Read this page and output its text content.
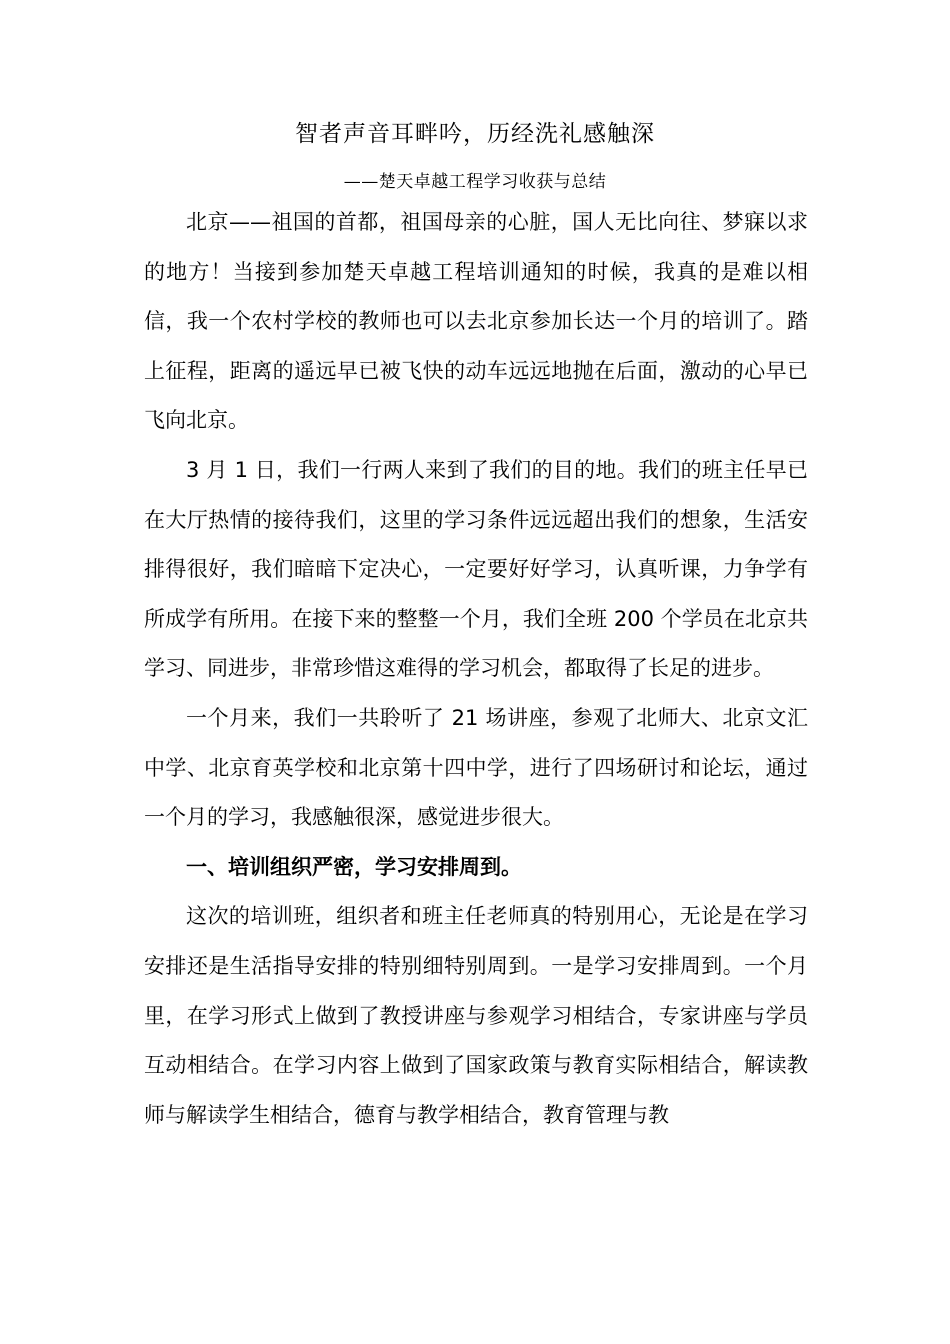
智者声音耳畔吟，历经洗礼感触深
——楚天卓越工程学习收获与总结

北京——祖国的首都，祖国母亲的心脏，国人无比向往、梦寐以求的地方！当接到参加楚天卓越工程培训通知的时候，我真的是难以相信，我一个农村学校的教师也可以去北京参加长达一个月的培训了。踏上征程，距离的遥远早已被飞快的动车远远地抛在后面，激动的心早已飞向北京。

3 月 1 日，我们一行两人来到了我们的目的地。我们的班主任早已在大厅热情的接待我们，这里的学习条件远远超出我们的想象，生活安排得很好，我们暗暗下定决心，一定要好好学习，认真听课，力争学有所成学有所用。在接下来的整整一个月，我们全班 200 个学员在北京共学习、同进步，非常珍惜这难得的学习机会，都取得了长足的进步。

一个月来，我们一共聆听了 21 场讲座，参观了北师大、北京文汇中学、北京育英学校和北京第十四中学，进行了四场研讨和论坛，通过一个月的学习，我感触很深，感觉进步很大。

一、培训组织严密，学习安排周到。

这次的培训班，组织者和班主任老师真的特别用心，无论是在学习安排还是生活指导安排的特别细特别周到。一是学习安排周到。一个月里，在学习形式上做到了教授讲座与参观学习相结合，专家讲座与学员互动相结合。在学习内容上做到了国家政策与教育实际相结合，解读教师与解读学生相结合，德育与教学相结合，教育管理与教
